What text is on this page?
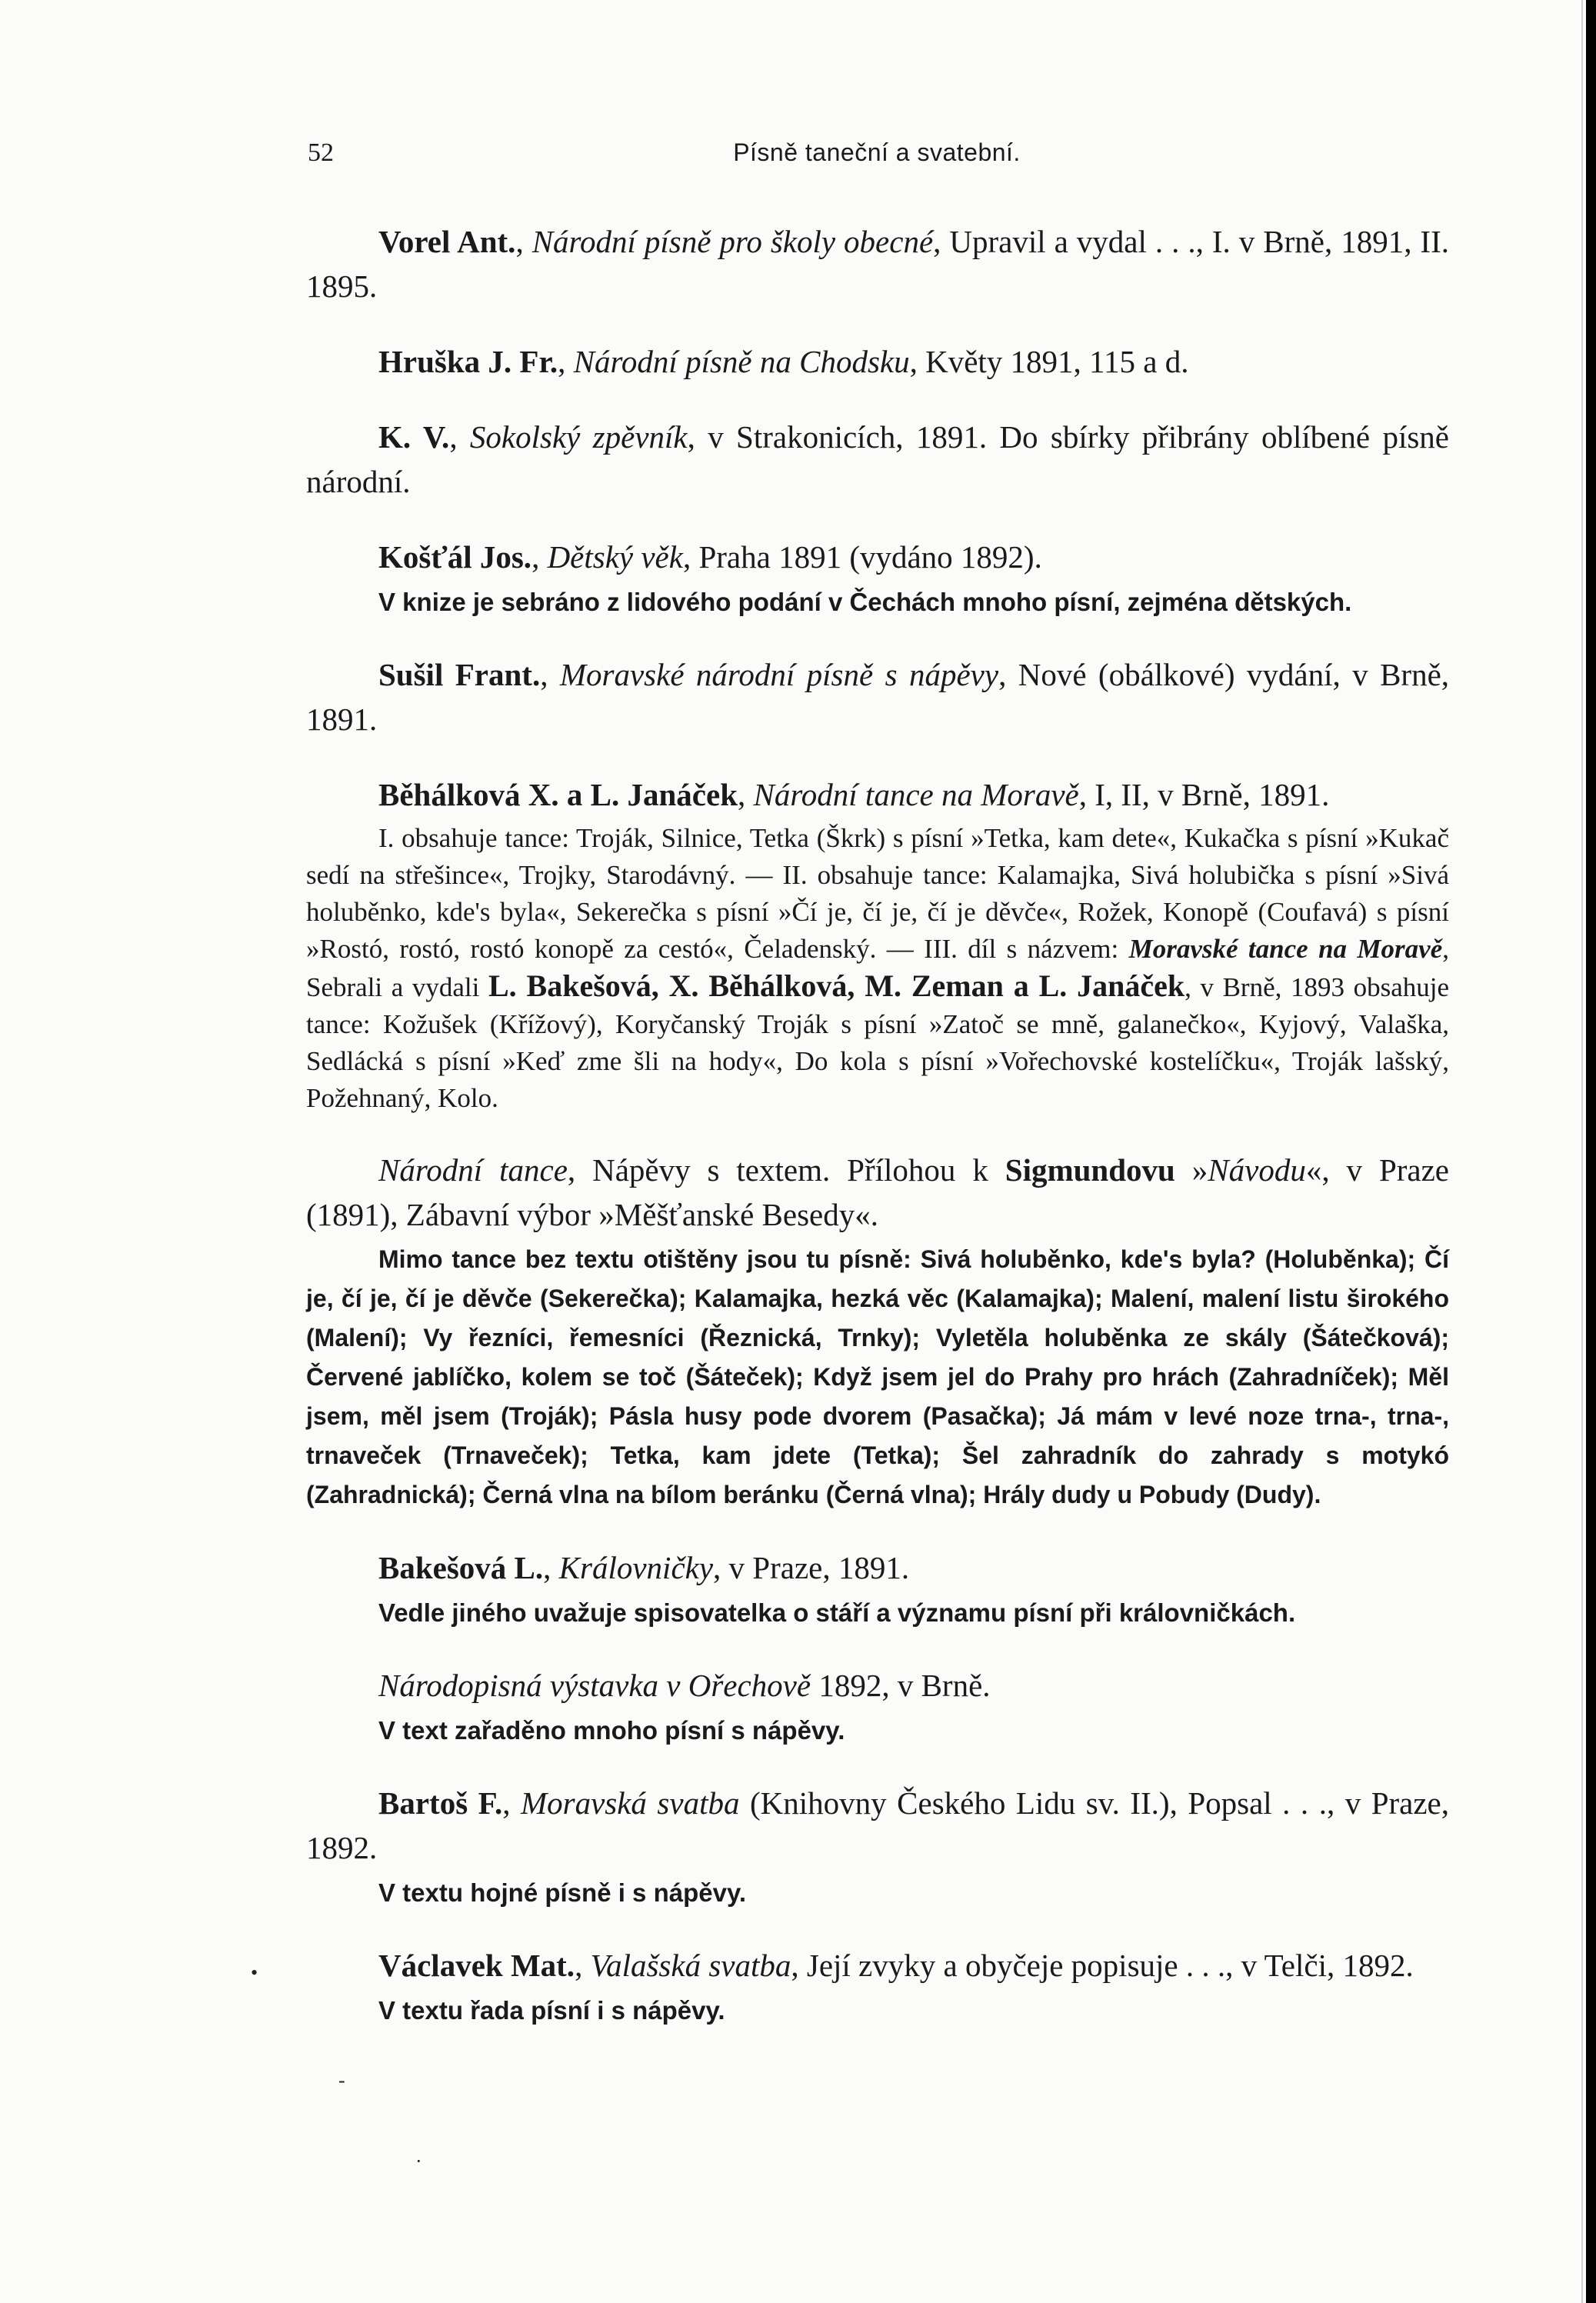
52	Písně taneční a svatební.

Vorel Ant., Národní písně pro školy obecné, Upravil a vydal . . ., I. v Brně, 1891, II. 1895.

Hruška J. Fr., Národní písně na Chodsku, Květy 1891, 115 a d.

K. V., Sokolský zpěvník, v Strakonicích, 1891. Do sbírky přibrány oblíbené písně národní.

Košťál Jos., Dětský věk, Praha 1891 (vydáno 1892).

V knize je sebráno z lidového podání v Čechách mnoho písní, zejména dětských.

Sušil Frant., Moravské národní písně s nápěvy, Nové (obálkové) vydání, v Brně, 1891.

Běhálková X. a L. Janáček, Národní tance na Moravě, I, II, v Brně, 1891.

I. obsahuje tance: Troják, Silnice, Tetka (Škrk) s písní »Tetka, kam dete«, Kukačka s písní »Kukač sedí na střešince«, Trojky, Starodávný. — II. obsahuje tance: Kalamajka, Sivá holubička s písní »Sivá holuběnko, kde's byla«, Sekerečka s písní »Čí je, čí je, čí je děvče«, Rožek, Konopě (Coufavá) s písní »Rostó, rostó, rostó konopě za cestó«, Čeladenský. — III. díl s názvem: Moravské tance na Moravě, Sebrali a vydali L. Bakešová, X. Běhálková, M. Zeman a L. Janáček, v Brně, 1893 obsahuje tance: Kožušek (Křížový), Koryčanský Troják s písní »Zatoč se mně, galanečko«, Kyjový, Valaška, Sedlácká s písní »Keď zme šli na hody«, Do kola s písní »Vořechovské kostelíčku«, Troják lašský, Požehnaný, Kolo.

Národní tance, Nápěvy s textem. Přílohou k Sigmundovu »Návodu«, v Praze (1891), Zábavní výbor »Měšťanské Besedy«.

Mimo tance bez textu otištěny jsou tu písně: Sivá holuběnko, kde's byla? (Holuběnka); Čí je, čí je, čí je děvče (Sekerečka); Kalamajka, hezká věc (Kalamajka); Malení, malení listu širokého (Malení); Vy řezníci, řemesníci (Řeznická, Trnky); Vyletěla holuběnka ze skály (Šátečková); Červené jablíčko, kolem se toč (Šáteček); Když jsem jel do Prahy pro hrách (Zahradníček); Měl jsem, měl jsem (Troják); Pásla husy pode dvorem (Pasačka); Já mám v levé noze trna-, trna-, trnaveček (Trnaveček); Tetka, kam jdete (Tetka); Šel zahradník do zahrady s motykó (Zahradnická); Černá vlna na bílom beránku (Černá vlna); Hrály dudy u Pobudy (Dudy).

Bakešová L., Královničky, v Praze, 1891.

Vedle jiného uvažuje spisovatelka o stáří a významu písní při královničkách.

Národopisná výstavka v Ořechově 1892, v Brně.

V text zařaděno mnoho písní s nápěvy.

Bartoš F., Moravská svatba (Knihovny Českého Lidu sv. II.), Popsal . . ., v Praze, 1892.

V textu hojné písně i s nápěvy.

Václavek Mat., Valašská svatba, Její zvyky a obyčeje popisuje . . ., v Telči, 1892.

V textu řada písní i s nápěvy.

•
-
·
